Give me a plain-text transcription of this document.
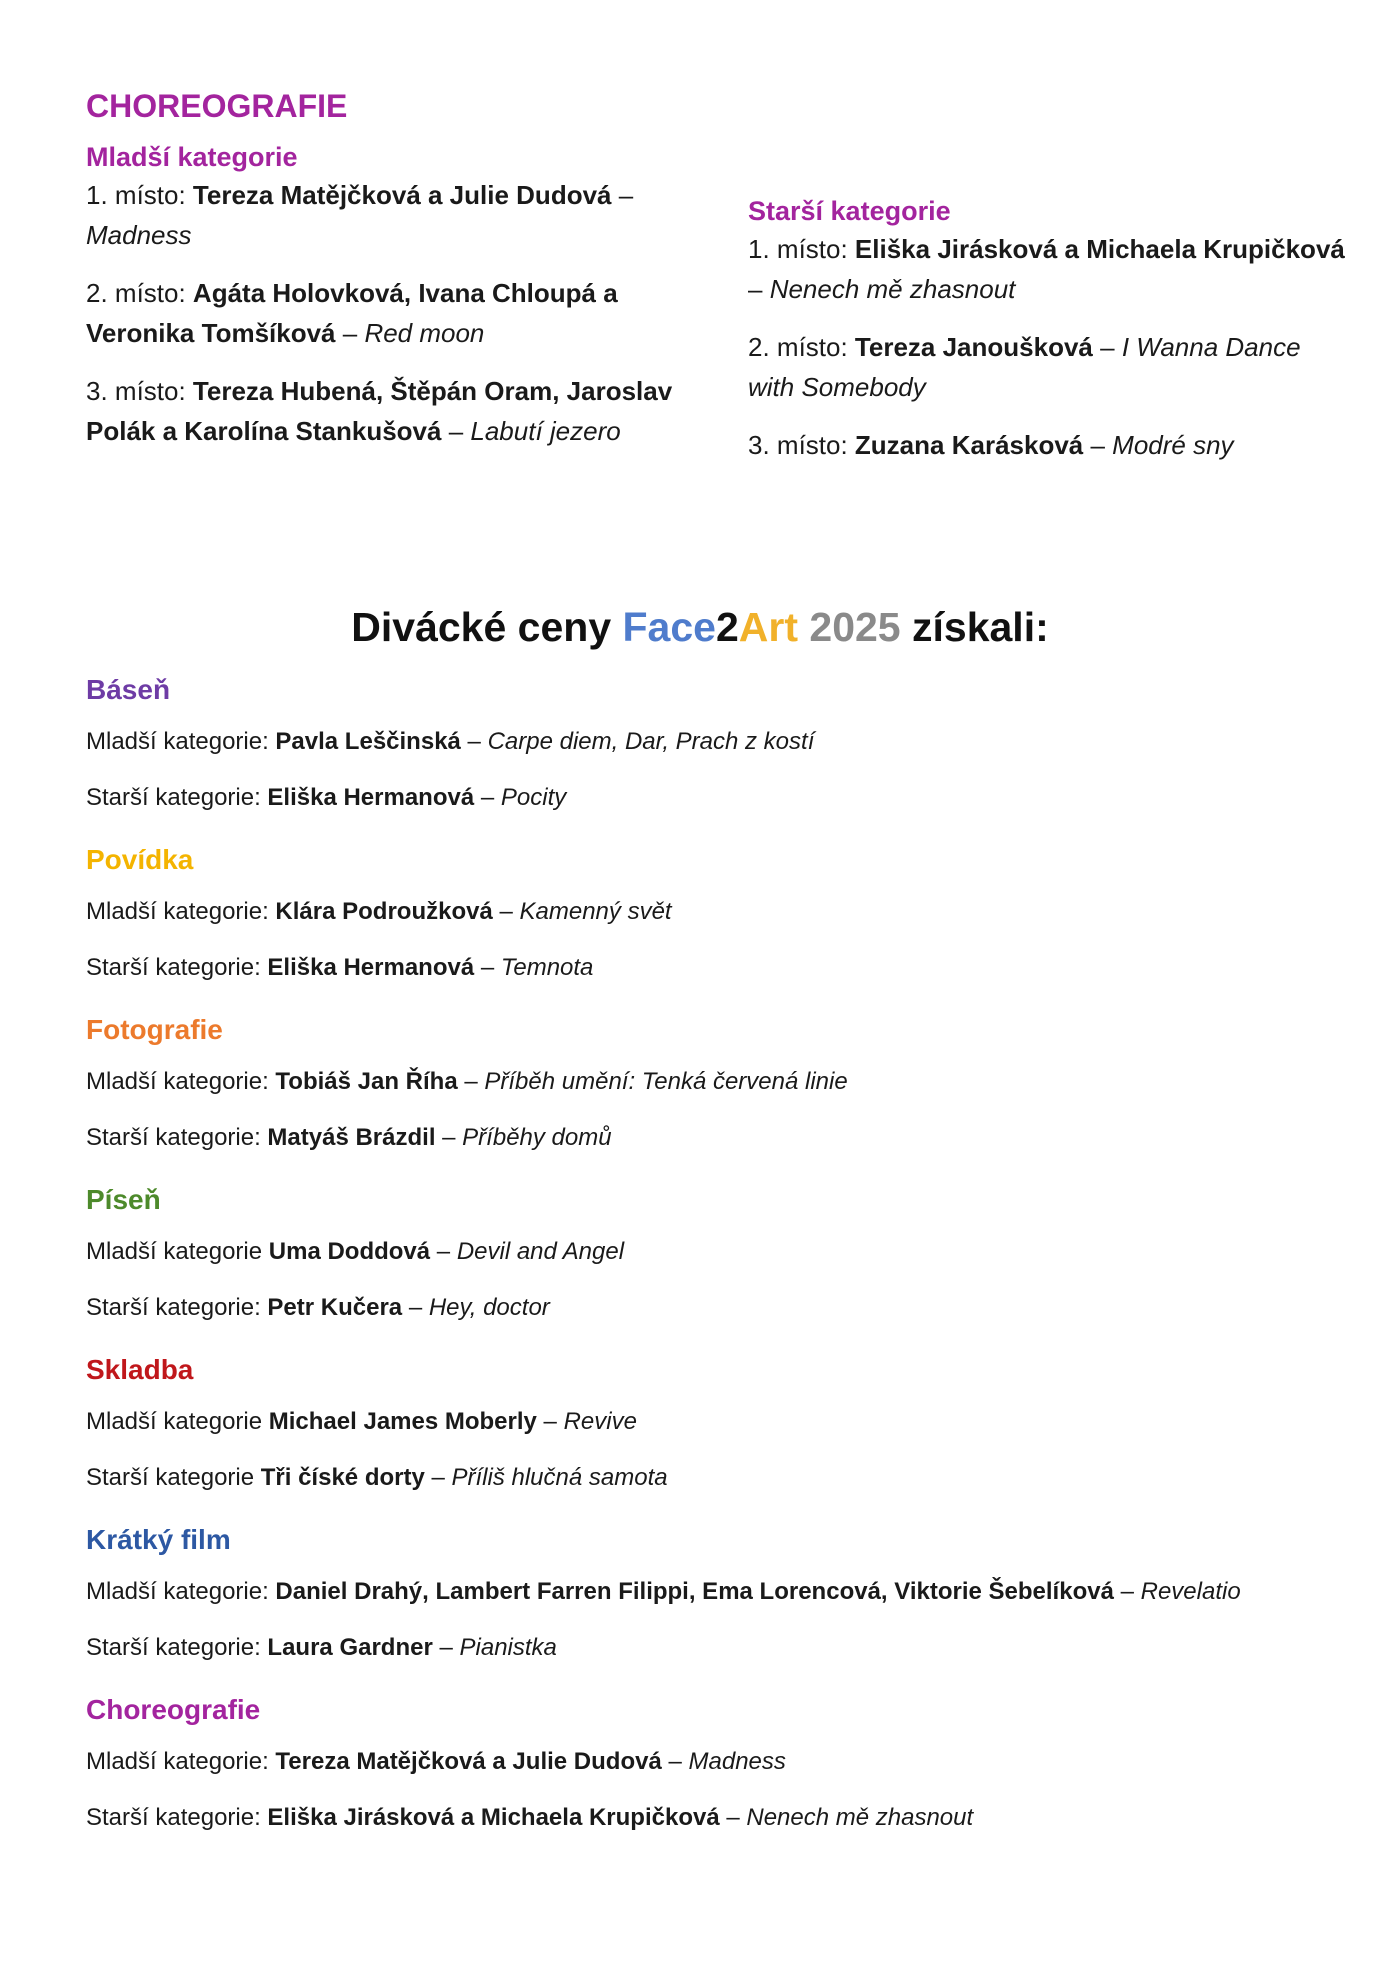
CHOREOGRAFIE
Mladší kategorie

1. místo: Tereza Matějčková a Julie Dudová – Madness

2. místo: Agáta Holovková, Ivana Chloupá a Veronika Tomšíková – Red moon

3. místo: Tereza Hubená, Štěpán Oram, Jaroslav Polák a Karolína Stankušová – Labutí jezero

Starší kategorie

1. místo: Eliška Jirásková a Michaela Krupičková – Nenech mě zhasnout

2. místo: Tereza Janoušková – I Wanna Dance with Somebody

3. místo: Zuzana Karásková – Modré sny

Divácké ceny Face2Art 2025 získali:
Báseň
Mladší kategorie: Pavla Leščinská – Carpe diem, Dar, Prach z kostí
Starší kategorie: Eliška Hermanová – Pocity
Povídka
Mladší kategorie: Klára Podroužková – Kamenný svět
Starší kategorie: Eliška Hermanová – Temnota
Fotografie
Mladší kategorie: Tobiáš Jan Říha – Příběh umění: Tenká červená linie
Starší kategorie: Matyáš Brázdil – Příběhy domů
Píseň
Mladší kategorie Uma Doddová – Devil and Angel
Starší kategorie: Petr Kučera – Hey, doctor
Skladba
Mladší kategorie Michael James Moberly – Revive
Starší kategorie Tři čísk​é dorty – Příliš hlučná samota
Krátký film
Mladší kategorie: Daniel Drahý, Lambert Farren Filippi, Ema Lorencová, Viktorie Šebelíková – Revelatio
Starší kategorie: Laura Gardner – Pianistka
Choreografie
Mladší kategorie: Tereza Matějčková a Julie Dudová – Madness
Starší kategorie: Eliška Jirásková a Michaela Krupičková – Nenech mě zhasnout
